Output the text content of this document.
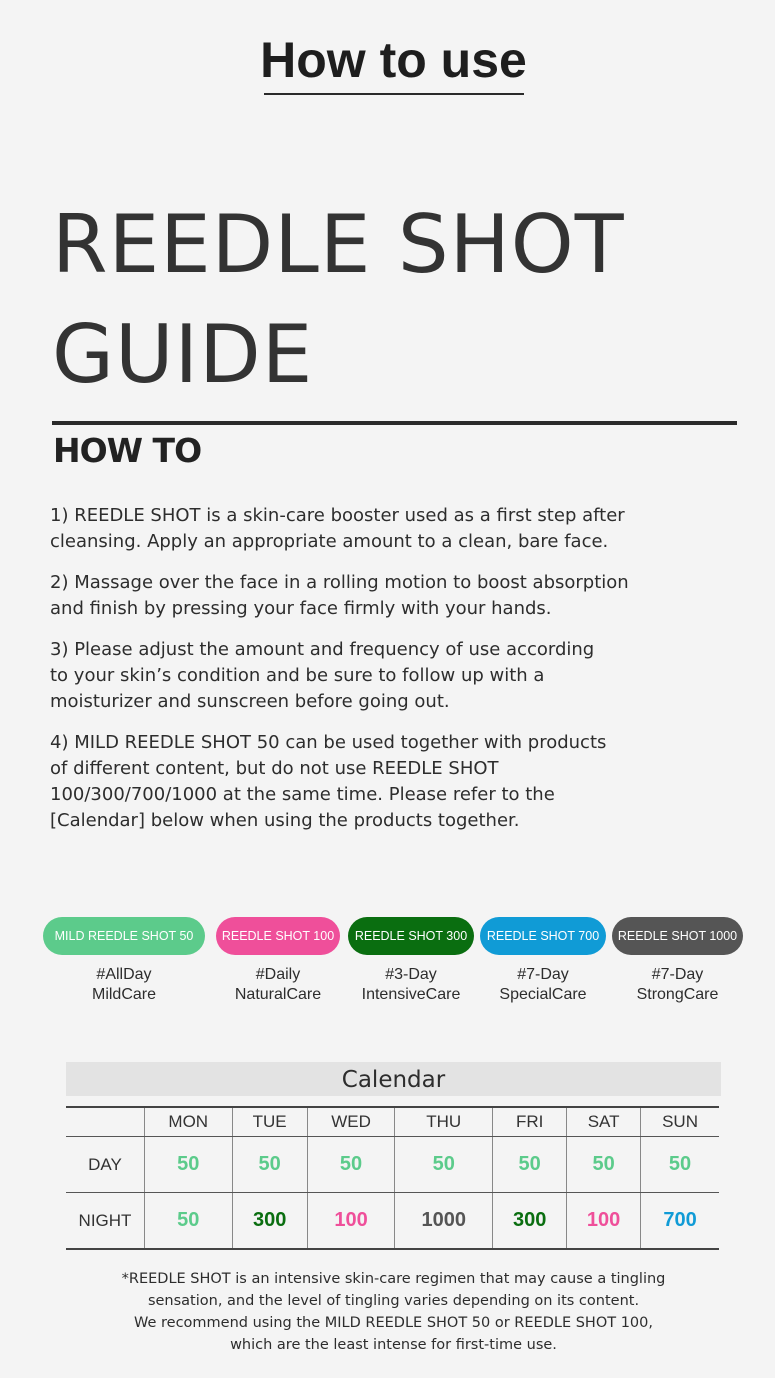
How to use
REEDLE SHOT
GUIDE
HOW TO

1) REEDLE SHOT is a skin-care booster used as a first step after
cleansing. Apply an appropriate amount to a clean, bare face.

2) Massage over the face in a rolling motion to boost absorption
and finish by pressing your face firmly with your hands.

3) Please adjust the amount and frequency of use according
to your skin’s condition and be sure to follow up with a
moisturizer and sunscreen before going out.

4) MILD REEDLE SHOT 50 can be used together with products
of different content, but do not use REEDLE SHOT
100/300/700/1000 at the same time. Please refer to the
[Calendar] below when using the products together.

MILD REEDLE SHOT 50
#AllDay
MildCare
REEDLE SHOT 100
#Daily
NaturalCare
REEDLE SHOT 300
#3-Day
IntensiveCare
REEDLE SHOT 700
#7-Day
SpecialCare
REEDLE SHOT 1000
#7-Day
StrongCare
Calendar
	MON	TUE	WED	THU	FRI	SAT	SUN
DAY	50	50	50	50	50	50	50
NIGHT	50	300	100	1000	300	100	700

*REEDLE SHOT is an intensive skin-care regimen that may cause a tingling

sensation, and the level of tingling varies depending on its content.

We recommend using the MILD REEDLE SHOT 50 or REEDLE SHOT 100,

which are the least intense for first-time use.
